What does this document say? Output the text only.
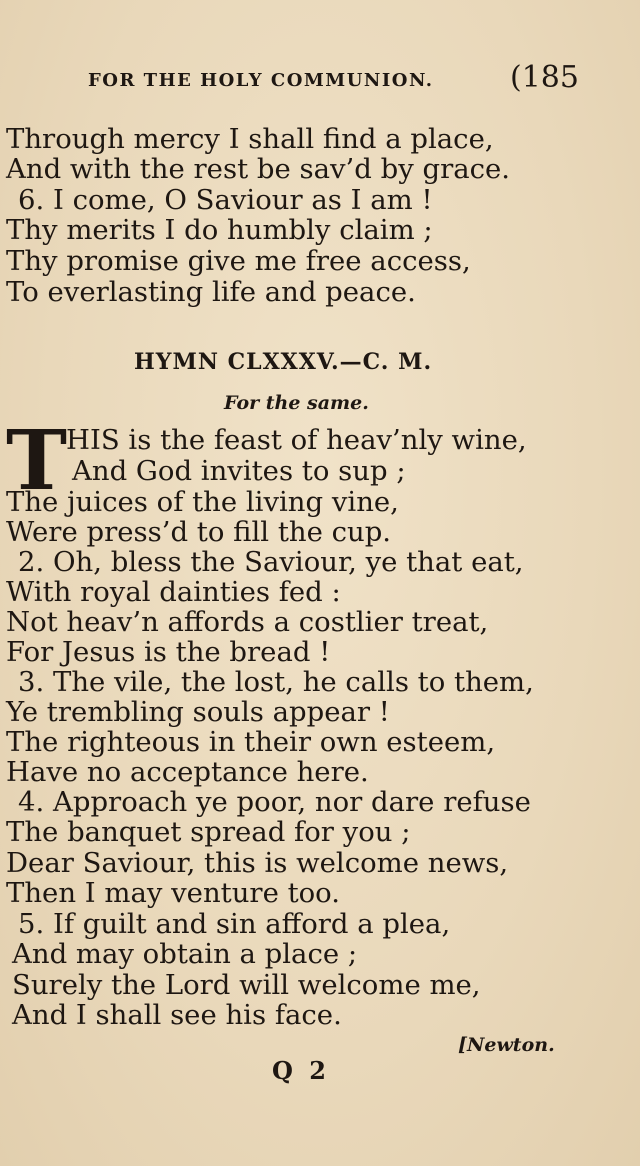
FOR THE HOLY COMMUNION.	(185
Through mercy I shall find a place,
And with the rest be sav’d by grace.
6. I come, O Saviour as I am !
Thy merits I do humbly claim ;
Thy promise give me free access,
To everlasting life and peace.
HYMN CLXXXV.—C. M.
For the same.
T
HIS is the feast of heav’nly wine,
And God invites to sup ;
The juices of the living vine,
Were press’d to fill the cup.
2. Oh, bless the Saviour, ye that eat,
With royal dainties fed :
Not heav’n affords a costlier treat,
For Jesus is the bread !
3. The vile, the lost, he calls to them,
Ye trembling souls appear !
The righteous in their own esteem,
Have no acceptance here.
4. Approach ye poor, nor dare refuse
The banquet spread for you ;
Dear Saviour, this is welcome news,
Then I may venture too.
5. If guilt and sin afford a plea,
And may obtain a place ;
Surely the Lord will welcome me,
And I shall see his face.
[Newton.
Q 2
